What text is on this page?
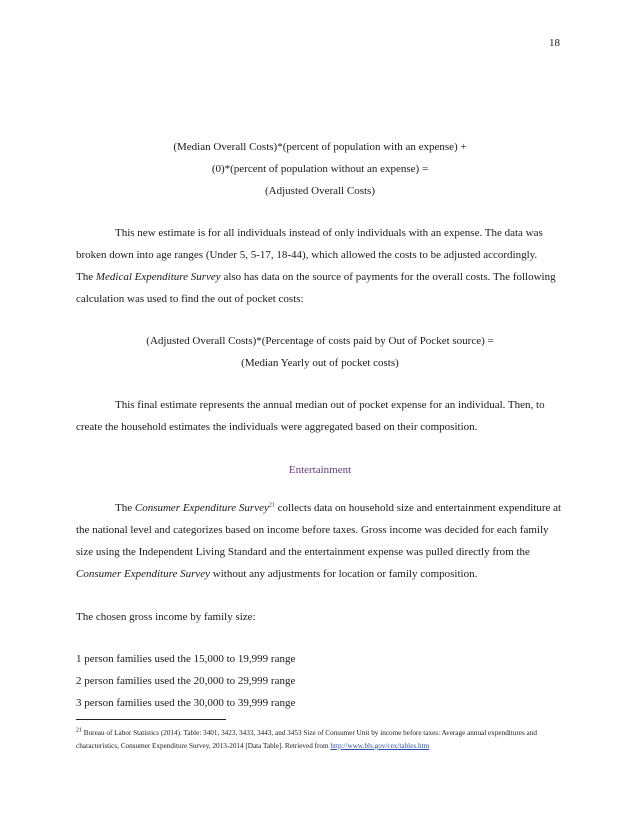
18
(Median Overall Costs)*(percent of population with an expense) +
(0)*(percent of population without an expense) =
(Adjusted Overall Costs)
This new estimate is for all individuals instead of only individuals with an expense. The data was
broken down into age ranges (Under 5, 5-17, 18-44), which allowed the costs to be adjusted accordingly.
The Medical Expenditure Survey also has data on the source of payments for the overall costs. The following
calculation was used to find the out of pocket costs:
(Adjusted Overall Costs)*(Percentage of costs paid by Out of Pocket source) =
(Median Yearly out of pocket costs)
This final estimate represents the annual median out of pocket expense for an individual. Then, to
create the household estimates the individuals were aggregated based on their composition.
Entertainment
The Consumer Expenditure Survey$^{21}$ collects data on household size and entertainment expenditure at
the national level and categorizes based on income before taxes. Gross income was decided for each family
size using the Independent Living Standard and the entertainment expense was pulled directly from the
Consumer Expenditure Survey without any adjustments for location or family composition.
The chosen gross income by family size:
1 person families used the 15,000 to 19,999 range
2 person families used the 20,000 to 29,999 range
3 person families used the 30,000 to 39,999 range
$^{21}$ Bureau of Labor Statistics (2014). Table: 3401, 3423, 3433, 3443, and 3453 Size of Consumer Unit by income before taxes: Average annual expenditures and
characteristics, Consumer Expenditure Survey, 2013-2014 [Data Table]. Retrieved from http://www.bls.gov/cex/tables.htm
